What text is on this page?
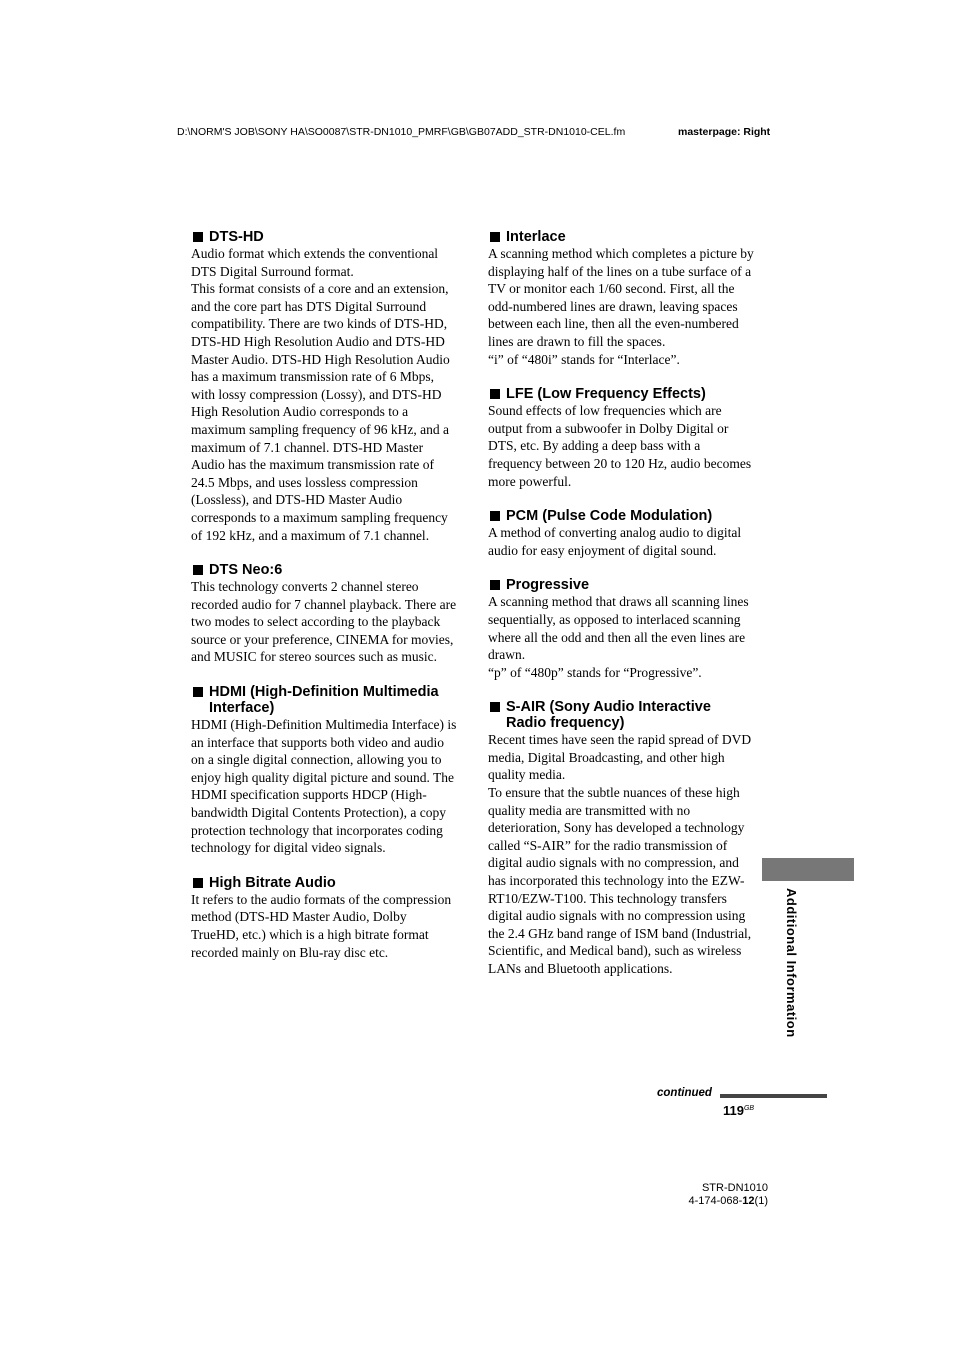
D:\NORM'S JOB\SONY HA\SO0087\STR-DN1010_PMRF\GB\GB07ADD_STR-DN1010-CEL.fm	masterpage: Right
DTS-HD

Audio format which extends the conventional DTS Digital Surround format.

This format consists of a core and an extension, and the core part has DTS Digital Surround compatibility. There are two kinds of DTS-HD, DTS-HD High Resolution Audio and DTS-HD Master Audio. DTS-HD High Resolution Audio has a maximum transmission rate of 6 Mbps, with lossy compression (Lossy), and DTS-HD High Resolution Audio corresponds to a maximum sampling frequency of 96 kHz, and a maximum of 7.1 channel. DTS-HD Master Audio has the maximum transmission rate of 24.5 Mbps, and uses lossless compression (Lossless), and DTS-HD Master Audio corresponds to a maximum sampling frequency of 192 kHz, and a maximum of 7.1 channel.

DTS Neo:6

This technology converts 2 channel stereo recorded audio for 7 channel playback. There are two modes to select according to the playback source or your preference, CINEMA for movies, and MUSIC for stereo sources such as music.

HDMI (High-Definition Multimedia Interface)

HDMI (High-Definition Multimedia Interface) is an interface that supports both video and audio on a single digital connection, allowing you to enjoy high quality digital picture and sound. The HDMI specification supports HDCP (High-bandwidth Digital Contents Protection), a copy protection technology that incorporates coding technology for digital video signals.

High Bitrate Audio

It refers to the audio formats of the compression method (DTS-HD Master Audio, Dolby TrueHD, etc.) which is a high bitrate format recorded mainly on Blu-ray disc etc.

Interlace

A scanning method which completes a picture by displaying half of the lines on a tube surface of a TV or monitor each 1/60 second. First, all the odd-numbered lines are drawn, leaving spaces between each line, then all the even-numbered lines are drawn to fill the spaces.

“i” of “480i” stands for “Interlace”.

LFE (Low Frequency Effects)

Sound effects of low frequencies which are output from a subwoofer in Dolby Digital or DTS, etc. By adding a deep bass with a frequency between 20 to 120 Hz, audio becomes more powerful.

PCM (Pulse Code Modulation)

A method of converting analog audio to digital audio for easy enjoyment of digital sound.

Progressive

A scanning method that draws all scanning lines sequentially, as opposed to interlaced scanning where all the odd and then all the even lines are drawn.

“p” of “480p” stands for “Progressive”.

S-AIR (Sony Audio Interactive Radio frequency)

Recent times have seen the rapid spread of DVD media, Digital Broadcasting, and other high quality media.

To ensure that the subtle nuances of these high quality media are transmitted with no deterioration, Sony has developed a technology called “S-AIR” for the radio transmission of digital audio signals with no compression, and has incorporated this technology into the EZW-RT10/EZW-T100. This technology transfers digital audio signals with no compression using the 2.4 GHz band range of ISM band (Industrial, Scientific, and Medical band), such as wireless LANs and Bluetooth applications.	Additional Information
continued
$119^{GB}$
STR-DN1010
4-174-068-12(1)
